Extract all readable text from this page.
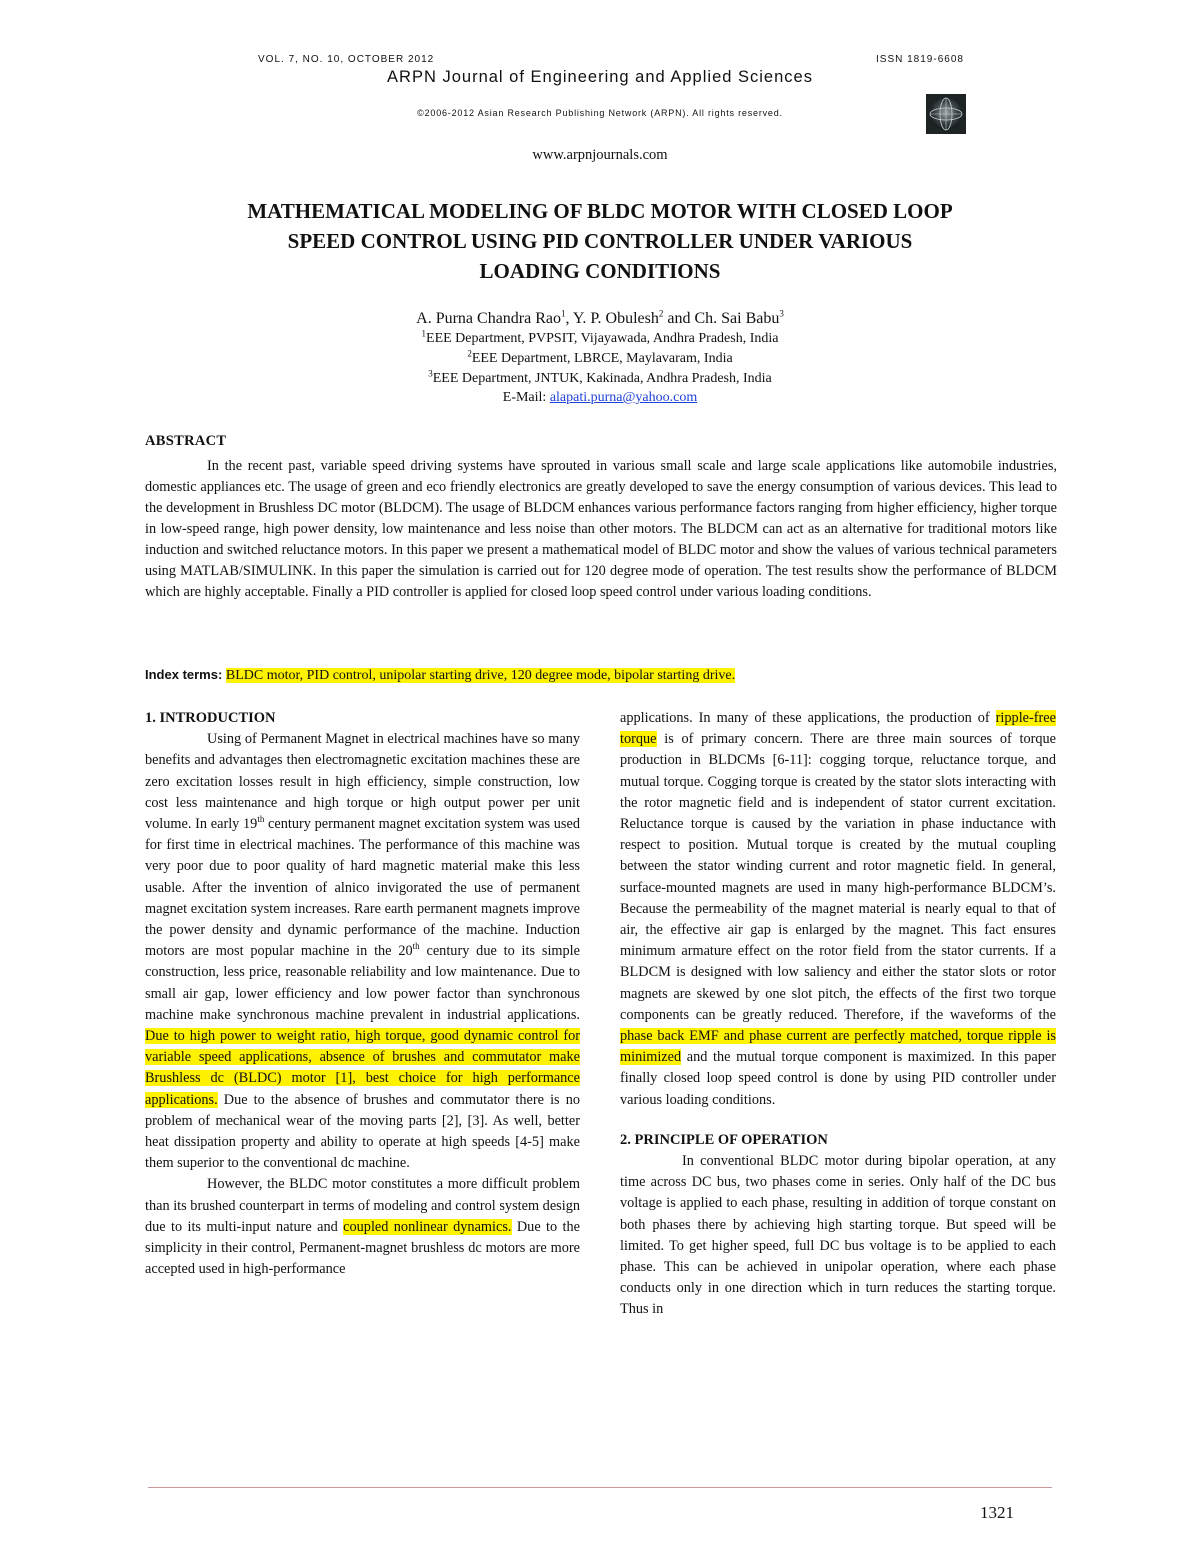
VOL. 7, NO. 10, OCTOBER 2012	ISSN 1819-6608
ARPN Journal of Engineering and Applied Sciences
©2006-2012 Asian Research Publishing Network (ARPN). All rights reserved.
www.arpnjournals.com
MATHEMATICAL MODELING OF BLDC MOTOR WITH CLOSED LOOP
SPEED CONTROL USING PID CONTROLLER UNDER VARIOUS
LOADING CONDITIONS
A. Purna Chandra Rao$^1$, Y. P. Obulesh$^2$ and Ch. Sai Babu$^3$
$^1$EEE Department, PVPSIT, Vijayawada, Andhra Pradesh, India
$^2$EEE Department, LBRCE, Maylavaram, India
$^3$EEE Department, JNTUK, Kakinada, Andhra Pradesh, India
E-Mail: alapati.purna@yahoo.com
ABSTRACT

In the recent past, variable speed driving systems have sprouted in various small scale and large scale applications like automobile industries, domestic appliances etc. The usage of green and eco friendly electronics are greatly developed to save the energy consumption of various devices. This lead to the development in Brushless DC motor (BLDCM). The usage of BLDCM enhances various performance factors ranging from higher efficiency, higher torque in low-speed range, high power density, low maintenance and less noise than other motors. The BLDCM can act as an alternative for traditional motors like induction and switched reluctance motors. In this paper we present a mathematical model of BLDC motor and show the values of various technical parameters using MATLAB/SIMULINK. In this paper the simulation is carried out for 120 degree mode of operation. The test results show the performance of BLDCM which are highly acceptable. Finally a PID controller is applied for closed loop speed control under various loading conditions.

Index terms: BLDC motor, PID control, unipolar starting drive, 120 degree mode, bipolar starting drive.

1. INTRODUCTION

Using of Permanent Magnet in electrical machines have so many benefits and advantages then electromagnetic excitation machines these are zero excitation losses result in high efficiency, simple construction, low cost less maintenance and high torque or high output power per unit volume. In early 19th century permanent magnet excitation system was used for first time in electrical machines. The performance of this machine was very poor due to poor quality of hard magnetic material make this less usable. After the invention of alnico invigorated the use of permanent magnet excitation system increases. Rare earth permanent magnets improve the power density and dynamic performance of the machine. Induction motors are most popular machine in the 20th century due to its simple construction, less price, reasonable reliability and low maintenance. Due to small air gap, lower efficiency and low power factor than synchronous machine make synchronous machine prevalent in industrial applications. Due to high power to weight ratio, high torque, good dynamic control for variable speed applications, absence of brushes and commutator make Brushless dc (BLDC) motor [1], best choice for high performance applications. Due to the absence of brushes and commutator there is no problem of mechanical wear of the moving parts [2], [3]. As well, better heat dissipation property and ability to operate at high speeds [4-5] make them superior to the conventional dc machine.

However, the BLDC motor constitutes a more difficult problem than its brushed counterpart in terms of modeling and control system design due to its multi-input nature and coupled nonlinear dynamics. Due to the simplicity in their control, Permanent-magnet brushless dc motors are more accepted used in high-performance

applications. In many of these applications, the production of ripple-free torque is of primary concern. There are three main sources of torque production in BLDCMs [6-11]: cogging torque, reluctance torque, and mutual torque. Cogging torque is created by the stator slots interacting with the rotor magnetic field and is independent of stator current excitation. Reluctance torque is caused by the variation in phase inductance with respect to position. Mutual torque is created by the mutual coupling between the stator winding current and rotor magnetic field. In general, surface-mounted magnets are used in many high-performance BLDCM’s. Because the permeability of the magnet material is nearly equal to that of air, the effective air gap is enlarged by the magnet. This fact ensures minimum armature effect on the rotor field from the stator currents. If a BLDCM is designed with low saliency and either the stator slots or rotor magnets are skewed by one slot pitch, the effects of the first two torque components can be greatly reduced. Therefore, if the waveforms of the phase back EMF and phase current are perfectly matched, torque ripple is minimized and the mutual torque component is maximized. In this paper finally closed loop speed control is done by using PID controller under various loading conditions.

2. PRINCIPLE OF OPERATION

In conventional BLDC motor during bipolar operation, at any time across DC bus, two phases come in series. Only half of the DC bus voltage is applied to each phase, resulting in addition of torque constant on both phases there by achieving high starting torque. But speed will be limited. To get higher speed, full DC bus voltage is to be applied to each phase. This can be achieved in unipolar operation, where each phase conducts only in one direction which in turn reduces the starting torque. Thus in

1321
